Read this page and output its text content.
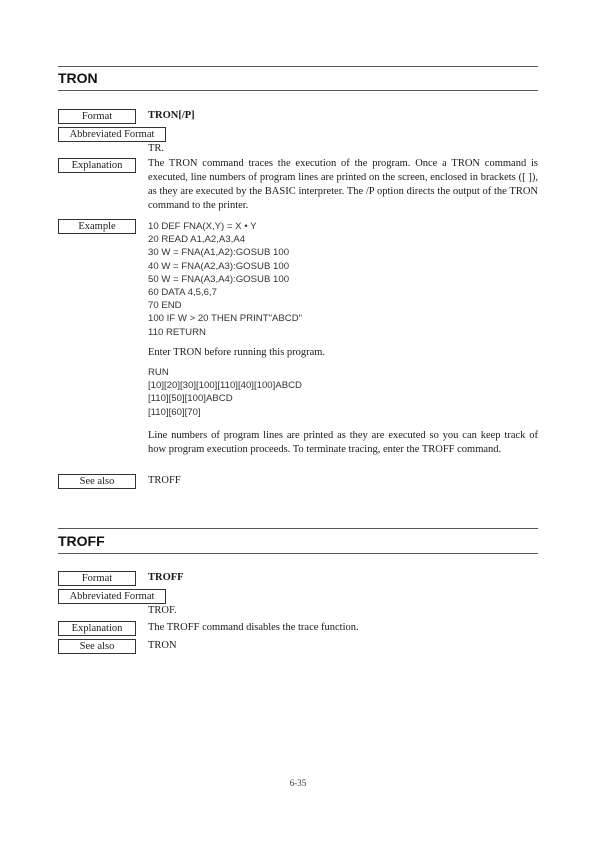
TRON
Format	TRON[/P]
Abbreviated Format
TR.
Explanation	The TRON command traces the execution of the program. Once a TRON command is executed, line numbers of program lines are printed on the screen, enclosed in brackets ([ ]), as they are executed by the BASIC interpreter. The /P option directs the output of the TRON command to the printer.
Example	10 DEF FNA(X,Y) = X • Y
20 READ A1,A2,A3,A4
30 W = FNA(A1,A2):GOSUB 100
40 W = FNA(A2,A3):GOSUB 100
50 W = FNA(A3,A4):GOSUB 100
60 DATA 4,5,6,7
70 END
100 IF W > 20 THEN PRINT"ABCD"
110 RETURN
Enter TRON before running this program.
RUN
[10][20][30][100][110][40][100]ABCD
[110][50][100]ABCD
[110][60][70]
Line numbers of program lines are printed as they are executed so you can keep track of how program execution proceeds. To terminate tracing, enter the TROFF command.
See also	TROFF
TROFF
Format	TROFF
Abbreviated Format
TROF.
Explanation	The TROFF command disables the trace function.
See also	TRON
6-35
